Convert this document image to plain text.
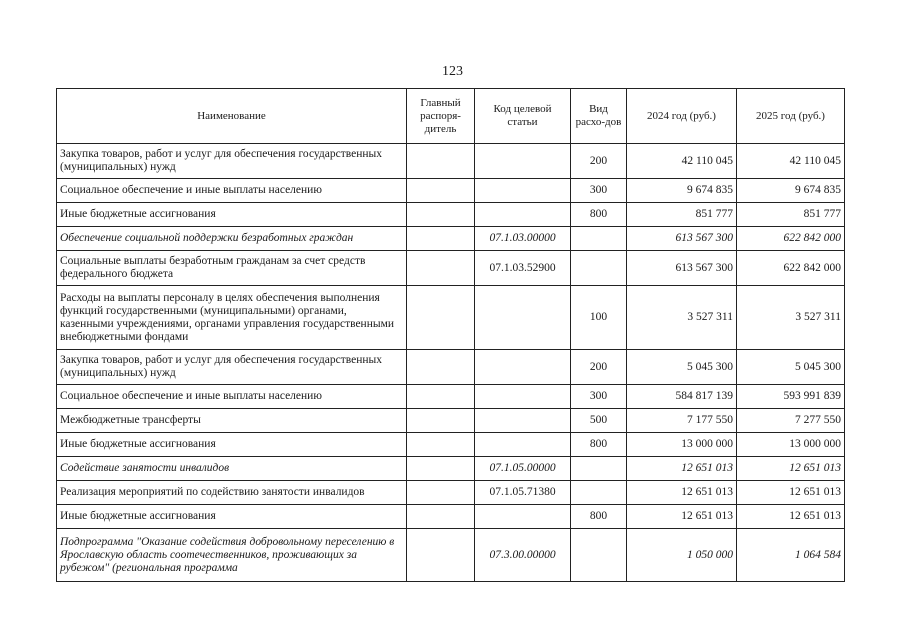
123
Наименование	Главный распоря-дитель	Код целевой статьи	Вид расхо-дов	2024 год (руб.)	2025 год (руб.)
Закупка товаров, работ и услуг для обеспечения государственных (муниципальных) нужд			200	42 110 045	42 110 045
Социальное обеспечение и иные выплаты населению			300	9 674 835	9 674 835
Иные бюджетные ассигнования			800	851 777	851 777
Обеспечение социальной поддержки безработных граждан		07.1.03.00000		613 567 300	622 842 000
Социальные выплаты безработным гражданам за счет средств федерального бюджета		07.1.03.52900		613 567 300	622 842 000
Расходы на выплаты персоналу в целях обеспечения выполнения функций государственными (муниципальными) органами, казенными учреждениями, органами управления государственными внебюджетными фондами			100	3 527 311	3 527 311
Закупка товаров, работ и услуг для обеспечения государственных (муниципальных) нужд			200	5 045 300	5 045 300
Социальное обеспечение и иные выплаты населению			300	584 817 139	593 991 839
Межбюджетные трансферты			500	7 177 550	7 277 550
Иные бюджетные ассигнования			800	13 000 000	13 000 000
Содействие занятости инвалидов		07.1.05.00000		12 651 013	12 651 013
Реализация мероприятий по содействию занятости инвалидов		07.1.05.71380		12 651 013	12 651 013
Иные бюджетные ассигнования			800	12 651 013	12 651 013
Подпрограмма "Оказание содействия добровольному переселению в Ярославскую область соотечественников, проживающих за рубежом" (региональная программа		07.3.00.00000		1 050 000	1 064 584
